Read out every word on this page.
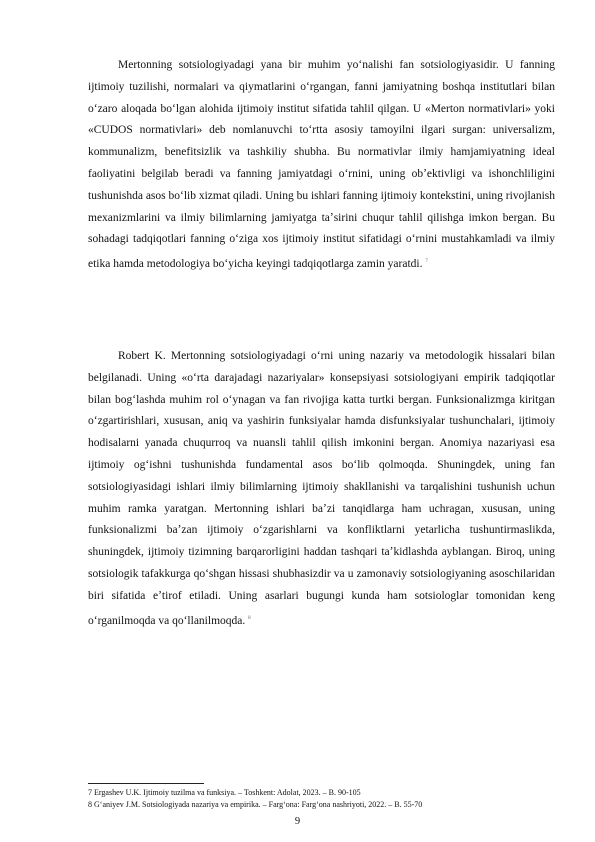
Mertonning sotsiologiyadagi yana bir muhim yoʻnalishi fan sotsiologiyasidir. U fanning ijtimoiy tuzilishi, normalari va qiymatlarini oʻrgangan, fanni jamiyatning boshqa institutlari bilan oʻzaro aloqada boʻlgan alohida ijtimoiy institut sifatida tahlil qilgan. U «Merton normativlari» yoki «CUDOS normativlari» deb nomlanuvchi toʻrtta asosiy tamoyilni ilgari surgan: universalizm, kommunalizm, benefitsizlik va tashkiliy shubha. Bu normativlar ilmiy hamjamiyatning ideal faoliyatini belgilab beradi va fanning jamiyatdagi oʻrnini, uning obʼektivligi va ishonchliligini tushunishda asos boʻlib xizmat qiladi. Uning bu ishlari fanning ijtimoiy kontekstini, uning rivojlanish mexanizmlarini va ilmiy bilimlarning jamiyatga taʼsirini chuqur tahlil qilishga imkon bergan. Bu sohadagi tadqiqotlari fanning oʻziga xos ijtimoiy institut sifatidagi oʻrnini mustahkamladi va ilmiy etika hamda metodologiya boʻyicha keyingi tadqiqotlarga zamin yaratdi. $^7$

Robert K. Mertonning sotsiologiyadagi oʻrni uning nazariy va metodologik hissalari bilan belgilanadi. Uning «oʻrta darajadagi nazariyalar» konsepsiyasi sotsiologiyani empirik tadqiqotlar bilan bogʻlashda muhim rol oʻynagan va fan rivojiga katta turtki bergan. Funksionalizmga kiritgan oʻzgartirishlari, xususan, aniq va yashirin funksiyalar hamda disfunksiyalar tushunchalari, ijtimoiy hodisalarni yanada chuqurroq va nuansli tahlil qilish imkonini bergan. Anomiya nazariyasi esa ijtimoiy ogʻishni tushunishda fundamental asos boʻlib qolmoqda. Shuningdek, uning fan sotsiologiyasidagi ishlari ilmiy bilimlarning ijtimoiy shakllanishi va tarqalishini tushunish uchun muhim ramka yaratgan. Mertonning ishlari baʼzi tanqidlarga ham uchragan, xususan, uning funksionalizmi baʼzan ijtimoiy oʻzgarishlarni va konfliktlarni yetarlicha tushuntirmaslikda, shuningdek, ijtimoiy tizimning barqarorligini haddan tashqari taʼkidlashda ayblangan. Biroq, uning sotsiologik tafakkurga qoʻshgan hissasi shubhasizdir va u zamonaviy sotsiologiyaning asoschilaridan biri sifatida eʼtirof etiladi. Uning asarlari bugungi kunda ham sotsiologlar tomonidan keng oʻrganilmoqda va qoʻllanilmoqda. $^8$

7 Ergashev U.K. Ijtimoiy tuzilma va funksiya. – Toshkent: Adolat, 2023. – B. 90-105
8 Gʻaniyev J.M. Sotsiologiyada nazariya va empirika. – Fargʻona: Fargʻona nashriyoti, 2022. – B. 55-70
9
